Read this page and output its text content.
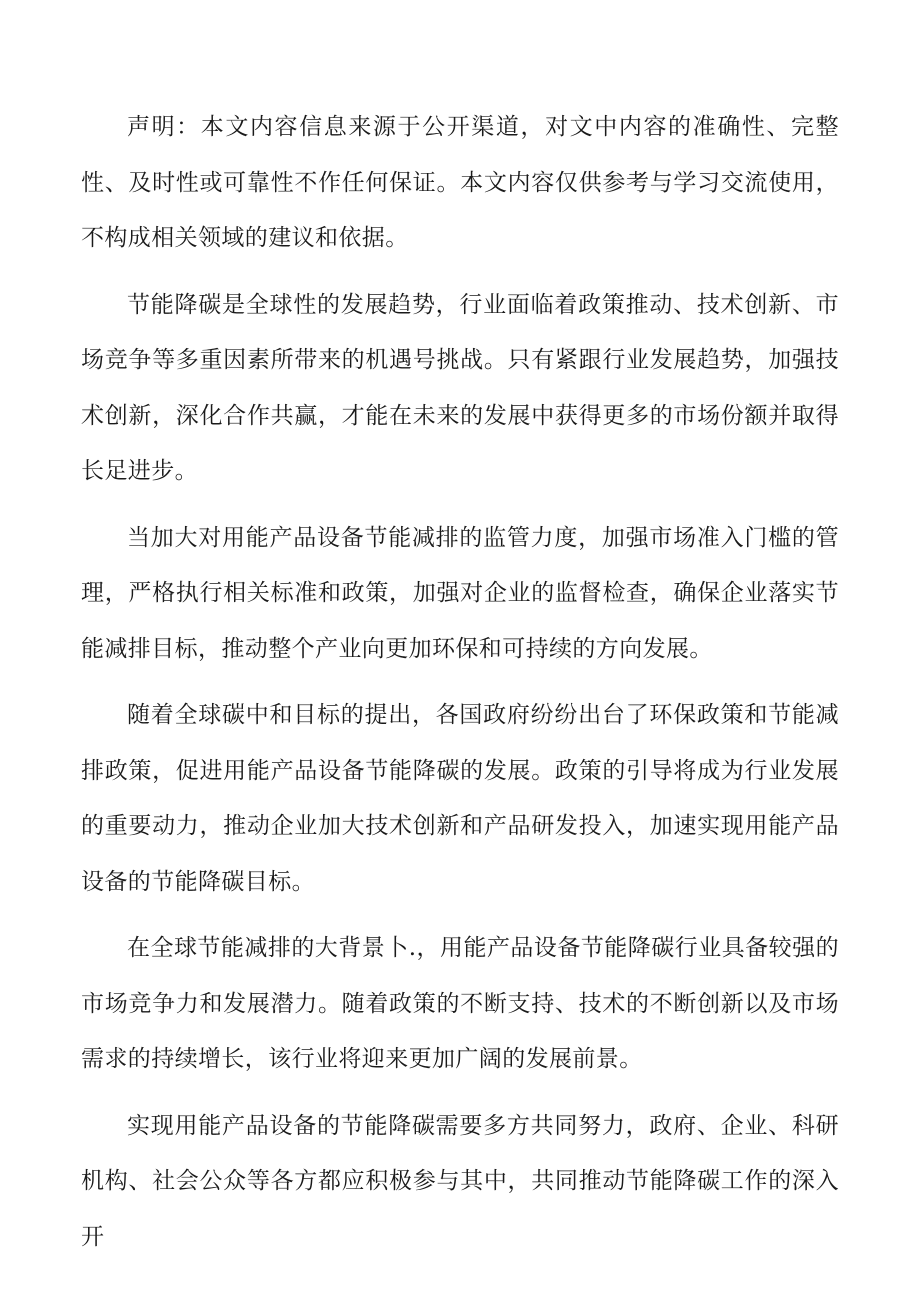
声明：本文内容信息来源于公开渠道，对文中内容的准确性、完整性、及时性或可靠性不作任何保证。本文内容仅供参考与学习交流使用，不构成相关领域的建议和依据。

节能降碳是全球性的发展趋势，行业面临着政策推动、技术创新、市场竞争等多重因素所带来的机遇号挑战。只有紧跟行业发展趋势，加强技术创新，深化合作共赢，才能在未来的发展中获得更多的市场份额并取得长足进步。

当加大对用能产品设备节能减排的监管力度，加强市场准入门槛的管理，严格执行相关标准和政策，加强对企业的监督检查，确保企业落实节能减排目标，推动整个产业向更加环保和可持续的方向发展。

随着全球碳中和目标的提出，各国政府纷纷出台了环保政策和节能减排政策，促进用能产品设备节能降碳的发展。政策的引导将成为行业发展的重要动力，推动企业加大技术创新和产品研发投入，加速实现用能产品设备的节能降碳目标。

在全球节能减排的大背景卜.，用能产品设备节能降碳行业具备较强的市场竞争力和发展潜力。随着政策的不断支持、技术的不断创新以及市场需求的持续增长，该行业将迎来更加广阔的发展前景。

实现用能产品设备的节能降碳需要多方共同努力，政府、企业、科研机构、社会公众等各方都应积极参与其中，共同推动节能降碳工作的深入开
